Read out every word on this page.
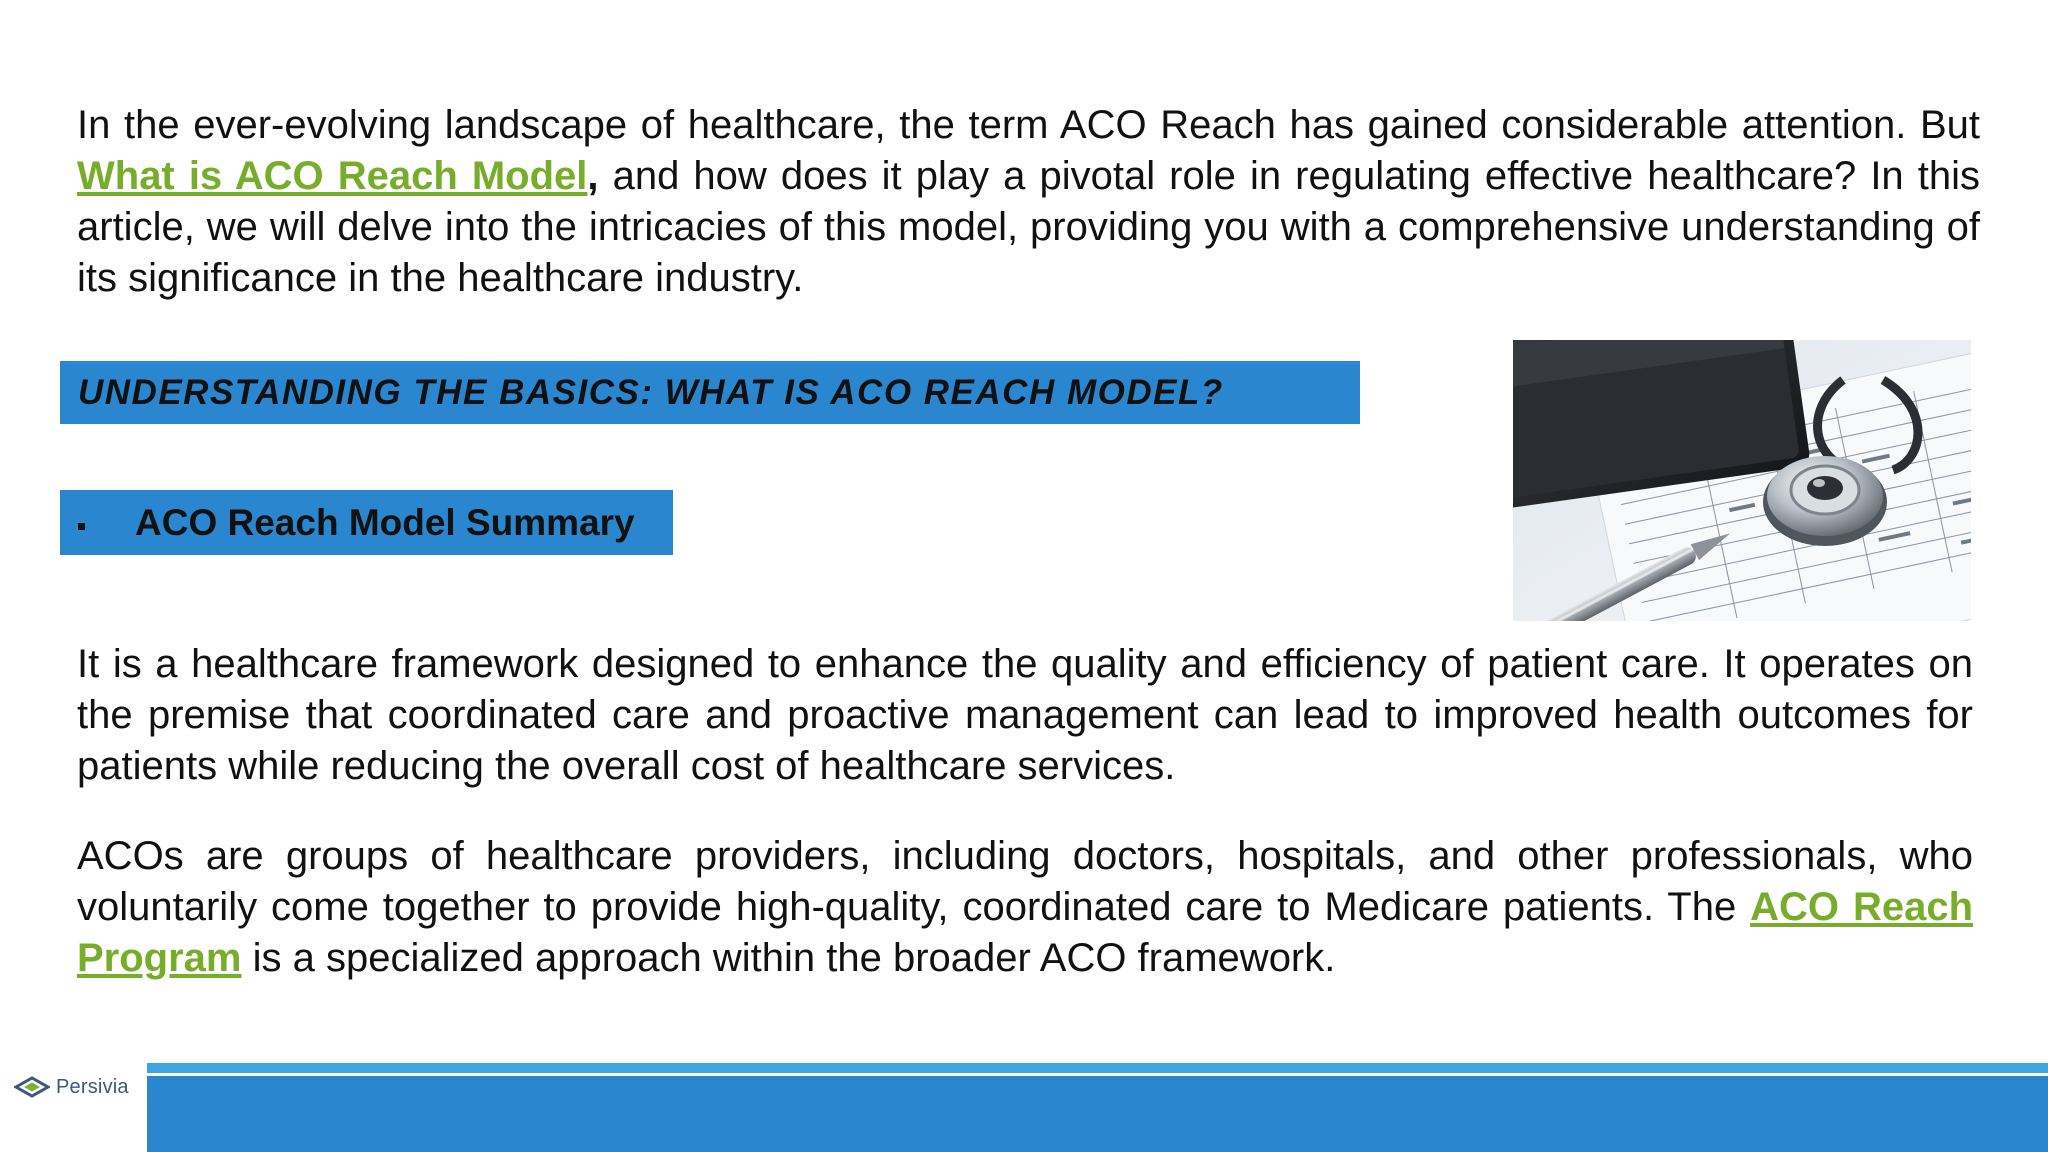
In the ever-evolving landscape of healthcare, the term ACO Reach has gained considerable attention. But What is ACO Reach Model, and how does it play a pivotal role in regulating effective healthcare? In this article, we will delve into the intricacies of this model, providing you with a comprehensive understanding of its significance in the healthcare industry.

UNDERSTANDING THE BASICS: WHAT IS ACO REACH MODEL?
ACO Reach Model Summary

It is a healthcare framework designed to enhance the quality and efficiency of patient care. It operates on the premise that coordinated care and proactive management can lead to improved health outcomes for patients while reducing the overall cost of healthcare services.

ACOs are groups of healthcare providers, including doctors, hospitals, and other professionals, who voluntarily come together to provide high-quality, coordinated care to Medicare patients. The ACO Reach Program is a specialized approach within the broader ACO framework.

Persivia
